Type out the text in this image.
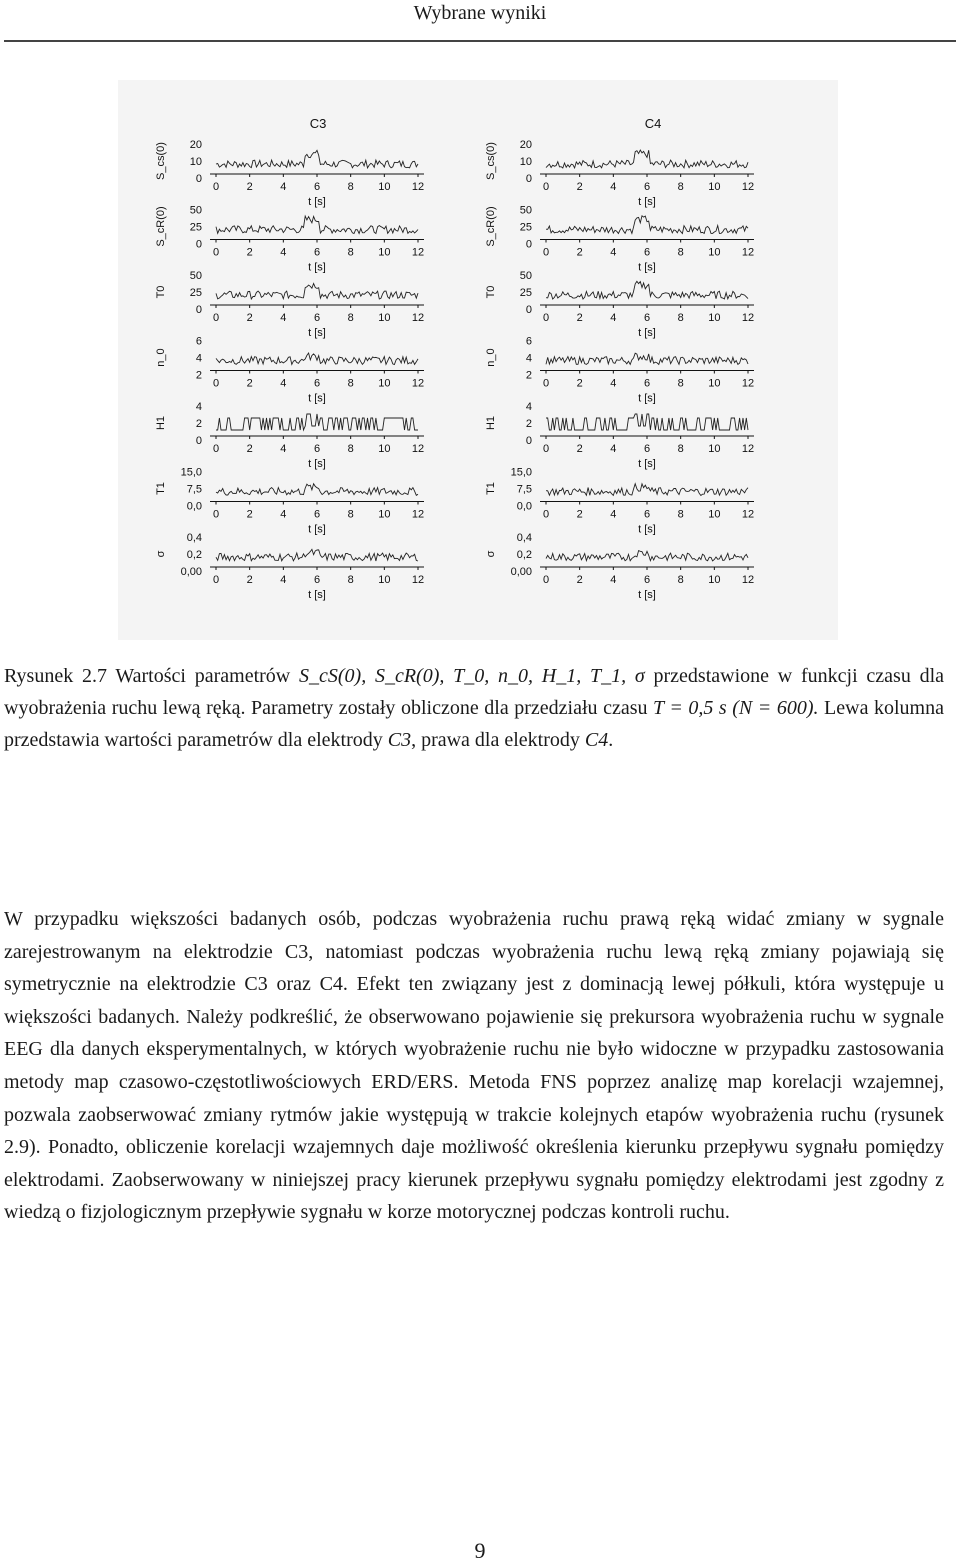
Wybrane wyniki
C3	C4
S_cs(0) 20
10
0
0	2	4	6	8 10 12
t [s]
S_cs(0) 20
10
0
0	2	4	6	8 10 12
t [s]
S_cR(0) 50
25
0
0	2	4	6	8 10 12
t [s]
S_cR(0) 50
25
0
0	2	4	6	8 10 12
t [s]
T0
50
25
0
0	2	4	6	8 10 12
t [s]
T0
50
25
0
0	2	4	6	8 10 12
t [s]
n_0
6
4
2
0	2	4	6	8 10 12
t [s]
n_0
6
4
2
0	2	4	6	8 10 12
t [s]
H1
4
2
0
0	2	4	6	8 10 12
t [s]
H1
4
2
0
0	2	4	6	8 10 12
t [s]
T1
15,0
7,5
0,0
0	2	4	6	8 10 12
t [s]
T1
15,0
7,5
0,0
0	2	4	6	8 10 12
t [s]
σ
0,4
0,2
0,00
0	2	4	6	8 10 12
t [s]
σ
0,4
0,2
0,00
0	2	4	6	8 10 12
t [s]
Rysunek 2.7 Wartości parametrów S_cS(0), S_cR(0), T_0, n_0, H_1, T_1, σ przedstawione w funkcji czasu dla wyobrażenia ruchu lewą ręką. Parametry zostały obliczone dla przedziału czasu T = 0,5 s (N = 600). Lewa kolumna przedstawia wartości parametrów dla elektrody C3, prawa dla elektrody C4.
W przypadku większości badanych osób, podczas wyobrażenia ruchu prawą ręką widać zmiany w sygnale zarejestrowanym na elektrodzie C3, natomiast podczas wyobrażenia ruchu lewą ręką zmiany pojawiają się symetrycznie na elektrodzie C3 oraz C4. Efekt ten związany jest z dominacją lewej półkuli, która występuje u większości badanych. Należy podkreślić, że obserwowano pojawienie się prekursora wyobrażenia ruchu w sygnale EEG dla danych eksperymentalnych, w których wyobrażenie ruchu nie było widoczne w przypadku zastosowania metody map czasowo-częstotliwościowych ERD/ERS. Metoda FNS poprzez analizę map korelacji wzajemnej, pozwala zaobserwować zmiany rytmów jakie występują w trakcie kolejnych etapów wyobrażenia ruchu (rysunek 2.9). Ponadto, obliczenie korelacji wzajemnych daje możliwość określenia kierunku przepływu sygnału pomiędzy elektrodami. Zaobserwowany w niniejszej pracy kierunek przepływu sygnału pomiędzy elektrodami jest zgodny z wiedzą o fizjologicznym przepływie sygnału w korze motorycznej podczas kontroli ruchu.
9
